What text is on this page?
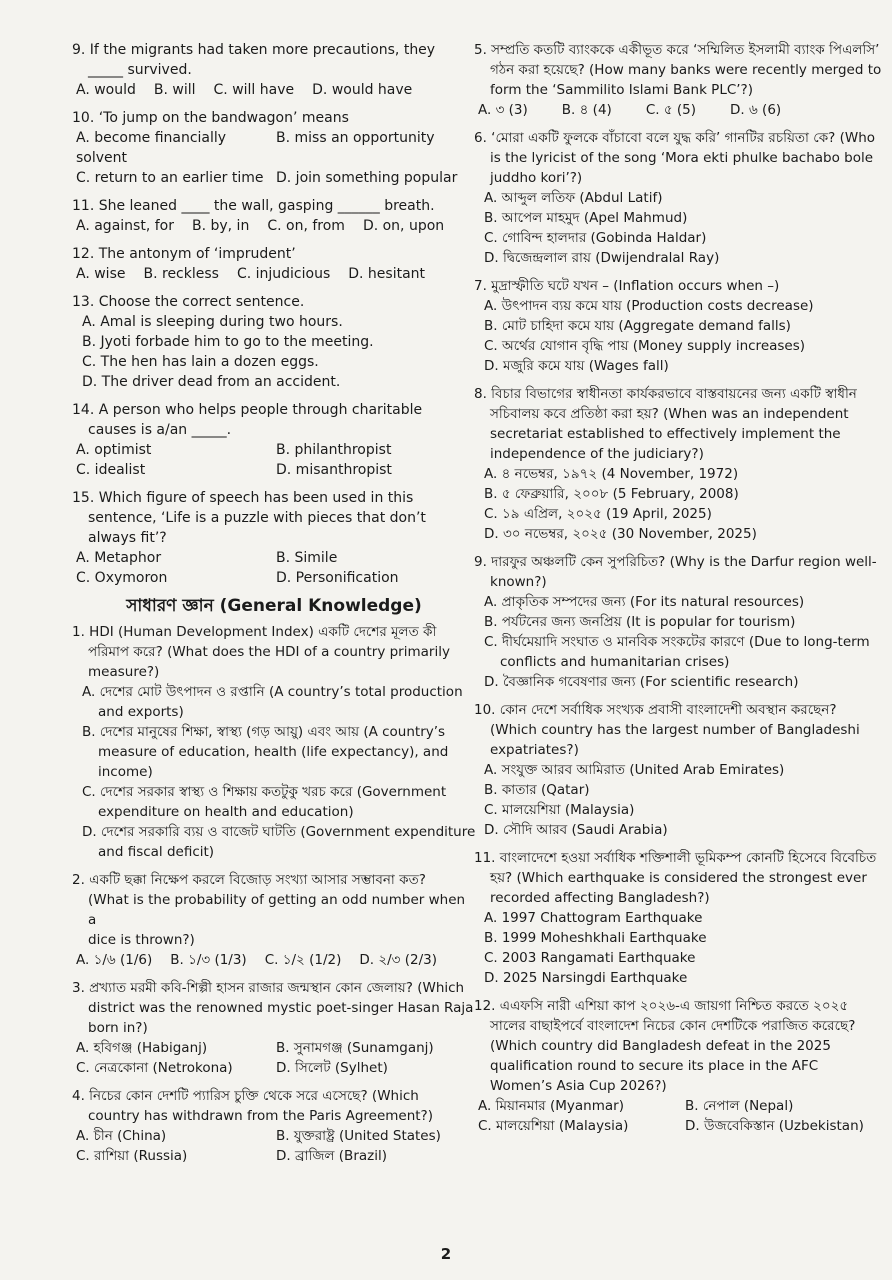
9. If the migrants had taken more precautions, they
_____ survived.
A. would B. will C. will have D. would have
10. ‘To jump on the bandwagon’ means
A. become financially solvent
B. miss an opportunity
C. return to an earlier time D. join something popular
11. She leaned ____ the wall, gasping ______ breath.
A. against, for B. by, in C. on, from D. on, upon
12. The antonym of ‘imprudent’
A. wise B. reckless C. injudicious D. hesitant
13. Choose the correct sentence.
A. Amal is sleeping during two hours.
B. Jyoti forbade him to go to the meeting.
C. The hen has lain a dozen eggs.
D. The driver dead from an accident.
14. A person who helps people through charitable
causes is a/an _____.
A. optimist	B. philanthropist
C. idealist	D. misanthropist
15. Which figure of speech has been used in this
sentence, ‘Life is a puzzle with pieces that don’t
always fit’?
A. Metaphor	B. Simile
C. Oxymoron	D. Personification
সাধারণ জ্ঞান (General Knowledge)
1. HDI (Human Development Index) একটি দেশের মূলত কী
পরিমাপ করে? (What does the HDI of a country primarily
measure?)
A. দেশের মোট উৎপাদন ও রপ্তানি (A country’s total production and exports)
B. দেশের মানুষের শিক্ষা, স্বাস্থ্য (গড় আয়ু) এবং আয় (A country’s measure of education, health (life expectancy), and income)
C. দেশের সরকার স্বাস্থ্য ও শিক্ষায় কতটুকু খরচ করে (Government expenditure on health and education)
D. দেশের সরকারি ব্যয় ও বাজেট ঘাটতি (Government expenditure and fiscal deficit)
2. একটি ছক্কা নিক্ষেপ করলে বিজোড় সংখ্যা আসার সম্ভাবনা কত?
(What is the probability of getting an odd number when a
dice is thrown?)
A. ১/৬ (1/6) B. ১/৩ (1/3) C. ১/২ (1/2) D. ২/৩ (2/3)
3. প্রখ্যাত মরমী কবি-শিল্পী হাসন রাজার জন্মস্থান কোন জেলায়? (Which
district was the renowned mystic poet-singer Hasan Raja
born in?)
A. হবিগঞ্জ (Habiganj)	B. সুনামগঞ্জ (Sunamganj)
C. নেত্রকোনা (Netrokona)	D. সিলেট (Sylhet)
4. নিচের কোন দেশটি প্যারিস চুক্তি থেকে সরে এসেছে? (Which
country has withdrawn from the Paris Agreement?)
A. চীন (China)	B. যুক্তরাষ্ট্র (United States)
C. রাশিয়া (Russia)	D. ব্রাজিল (Brazil)
5. সম্প্রতি কতটি ব্যাংককে একীভূত করে ‘সম্মিলিত ইসলামী ব্যাংক পিএলসি’
গঠন করা হয়েছে? (How many banks were recently merged to
form the ‘Sammilito Islami Bank PLC’?)
A. ৩ (3)	B. ৪ (4)	C. ৫ (5)	D. ৬ (6)
6. ‘মোরা একটি ফুলকে বাঁচাবো বলে যুদ্ধ করি’ গানটির রচয়িতা কে? (Who
is the lyricist of the song ‘Mora ekti phulke bachabo bole
juddho kori’?)
A. আব্দুল লতিফ (Abdul Latif)
B. আপেল মাহমুদ (Apel Mahmud)
C. গোবিন্দ হালদার (Gobinda Haldar)
D. দ্বিজেন্দ্রলাল রায় (Dwijendralal Ray)
7. মুদ্রাস্ফীতি ঘটে যখন – (Inflation occurs when –)
A. উৎপাদন ব্যয় কমে যায় (Production costs decrease)
B. মোট চাহিদা কমে যায় (Aggregate demand falls)
C. অর্থের যোগান বৃদ্ধি পায় (Money supply increases)
D. মজুরি কমে যায় (Wages fall)
8. বিচার বিভাগের স্বাধীনতা কার্যকরভাবে বাস্তবায়নের জন্য একটি স্বাধীন
সচিবালয় কবে প্রতিষ্ঠা করা হয়? (When was an independent
secretariat established to effectively implement the
independence of the judiciary?)
A. ৪ নভেম্বর, ১৯৭২ (4 November, 1972)
B. ৫ ফেব্রুয়ারি, ২০০৮ (5 February, 2008)
C. ১৯ এপ্রিল, ২০২৫ (19 April, 2025)
D. ৩০ নভেম্বর, ২০২৫ (30 November, 2025)
9. দারফুর অঞ্চলটি কেন সুপরিচিত? (Why is the Darfur region well-
known?)
A. প্রাকৃতিক সম্পদের জন্য (For its natural resources)
B. পর্যটনের জন্য জনপ্রিয় (It is popular for tourism)
C. দীর্ঘমেয়াদি সংঘাত ও মানবিক সংকটের কারণে (Due to long-term conflicts and humanitarian crises)
D. বৈজ্ঞানিক গবেষণার জন্য (For scientific research)
10. কোন দেশে সর্বাধিক সংখ্যক প্রবাসী বাংলাদেশী অবস্থান করছেন?
(Which country has the largest number of Bangladeshi
expatriates?)
A. সংযুক্ত আরব আমিরাত (United Arab Emirates)
B. কাতার (Qatar)
C. মালয়েশিয়া (Malaysia)
D. সৌদি আরব (Saudi Arabia)
11. বাংলাদেশে হওয়া সর্বাধিক শক্তিশালী ভূমিকম্প কোনটি হিসেবে বিবেচিত
হয়? (Which earthquake is considered the strongest ever
recorded affecting Bangladesh?)
A. 1997 Chattogram Earthquake
B. 1999 Moheshkhali Earthquake
C. 2003 Rangamati Earthquake
D. 2025 Narsingdi Earthquake
12. এএফসি নারী এশিয়া কাপ ২০২৬-এ জায়গা নিশ্চিত করতে ২০২৫
সালের বাছাইপর্বে বাংলাদেশ নিচের কোন দেশটিকে পরাজিত করেছে?
(Which country did Bangladesh defeat in the 2025
qualification round to secure its place in the AFC
Women’s Asia Cup 2026?)
A. মিয়ানমার (Myanmar)	B. নেপাল (Nepal)
C. মালয়েশিয়া (Malaysia)	D. উজবেকিস্তান (Uzbekistan)
2
